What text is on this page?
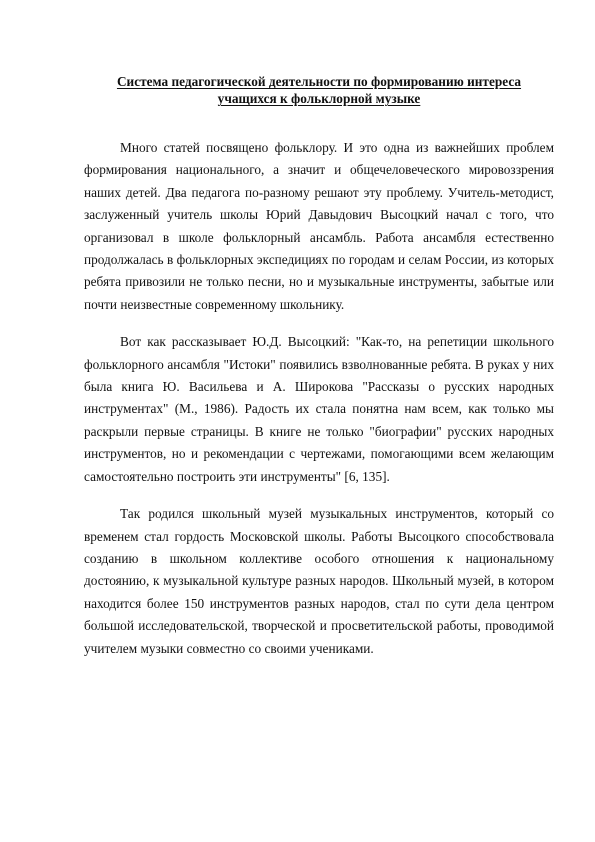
Система педагогической деятельности по формированию интереса
учащихся к фольклорной музыке

Много статей посвящено фольклору. И это одна из важнейших проблем формирования национального, а значит и общечеловеческого мировоззрения наших детей. Два педагога по-разному решают эту проблему. Учитель-методист, заслуженный учитель школы Юрий Давыдович Высоцкий начал с того, что организовал в школе фольклорный ансамбль. Работа ансамбля естественно продолжалась в фольклорных экспедициях по городам и селам России, из которых ребята привозили не только песни, но и музыкальные инструменты, забытые или почти неизвестные современному школьнику.

Вот как рассказывает Ю.Д. Высоцкий: "Как-то, на репетиции школьного фольклорного ансамбля "Истоки" появились взволнованные ребята. В руках у них была книга Ю. Васильева и А. Широкова "Рассказы о русских народных инструментах" (М., 1986). Радость их стала понятна нам всем, как только мы раскрыли первые страницы. В книге не только "биографии" русских народных инструментов, но и рекомендации с чертежами, помогающими всем желающим самостоятельно построить эти инструменты" [6, 135].

Так родился школьный музей музыкальных инструментов, который со временем стал гордость Московской школы. Работы Высоцкого способствовала созданию в школьном коллективе особого отношения к национальному достоянию, к музыкальной культуре разных народов. Школьный музей, в котором находится более 150 инструментов разных народов, стал по сути дела центром большой исследовательской, творческой и просветительской работы, проводимой учителем музыки совместно со своими учениками.
